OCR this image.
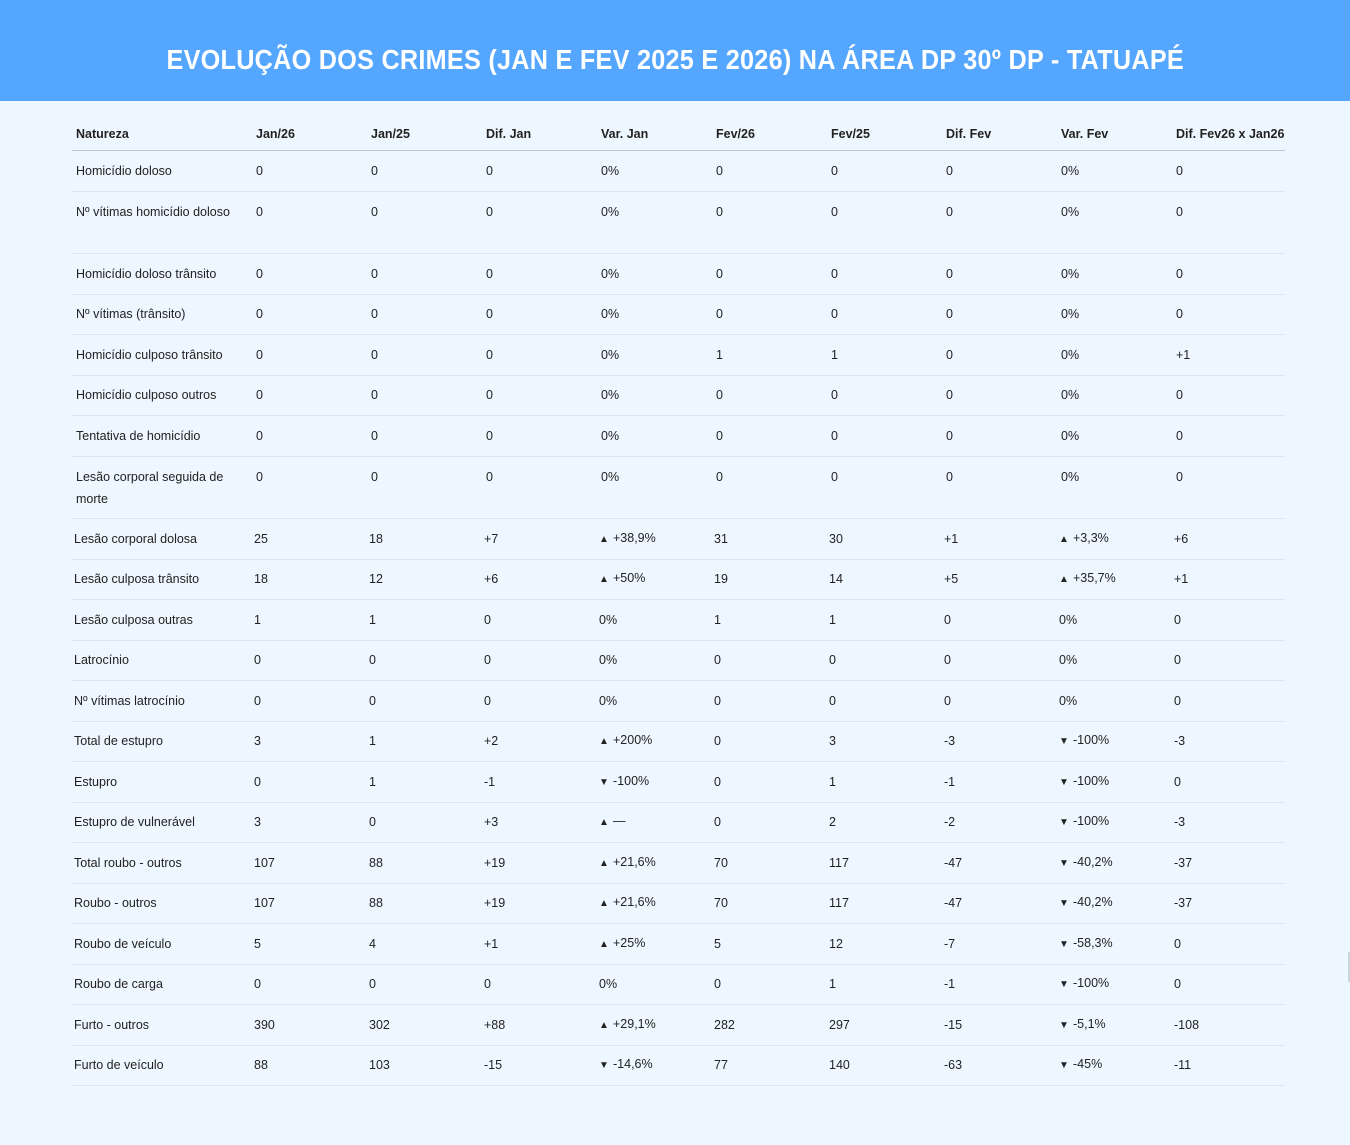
EVOLUÇÃO DOS CRIMES (JAN E FEV 2025 E 2026) NA ÁREA DP 30º DP - TATUAPÉ
Natureza	Jan/26	Jan/25	Dif. Jan	Var. Jan	Fev/26	Fev/25	Dif. Fev	Var. Fev	Dif. Fev26 x Jan26
Homicídio doloso	0	0	0	0%	0	0	0	0%	0
Nº vítimas homicídio doloso	0	0	0	0%	0	0	0	0%	0
Homicídio doloso trânsito	0	0	0	0%	0	0	0	0%	0
Nº vítimas (trânsito)	0	0	0	0%	0	0	0	0%	0
Homicídio culposo trânsito	0	0	0	0%	1	1	0	0%	+1
Homicídio culposo outros	0	0	0	0%	0	0	0	0%	0
Tentativa de homicídio	0	0	0	0%	0	0	0	0%	0
Lesão corporal seguida de morte	0	0	0	0%	0	0	0	0%	0
Lesão corporal dolosa	25	18	+7	▲ +38,9%	31	30	+1	▲ +3,3%	+6
Lesão culposa trânsito	18	12	+6	▲ +50%	19	14	+5	▲ +35,7%	+1
Lesão culposa outras	1	1	0	0%	1	1	0	0%	0
Latrocínio	0	0	0	0%	0	0	0	0%	0
Nº vítimas latrocínio	0	0	0	0%	0	0	0	0%	0
Total de estupro	3	1	+2	▲ +200%	0	3	-3	▼ -100%	-3
Estupro	0	1	-1	▼ -100%	0	1	-1	▼ -100%	0
Estupro de vulnerável	3	0	+3	▲ —	0	2	-2	▼ -100%	-3
Total roubo - outros	107	88	+19	▲ +21,6%	70	117	-47	▼ -40,2%	-37
Roubo - outros	107	88	+19	▲ +21,6%	70	117	-47	▼ -40,2%	-37
Roubo de veículo	5	4	+1	▲ +25%	5	12	-7	▼ -58,3%	0
Roubo de carga	0	0	0	0%	0	1	-1	▼ -100%	0
Furto - outros	390	302	+88	▲ +29,1%	282	297	-15	▼ -5,1%	-108
Furto de veículo	88	103	-15	▼ -14,6%	77	140	-63	▼ -45%	-11
